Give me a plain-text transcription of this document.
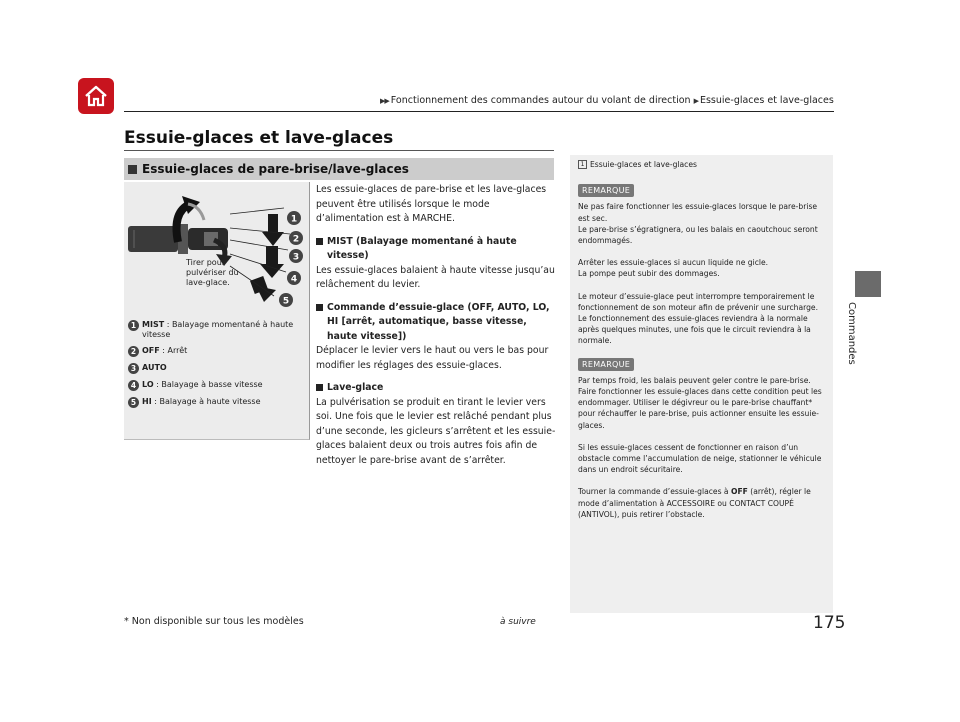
▶▶ Fonctionnement des commandes autour du volant de direction ▶ Essuie-glaces et lave-glaces
Commandes
Essuie-glaces et lave-glaces
Essuie-glaces de pare-brise/lave-glaces
1
2
3
4
5
Tirer pour pulvériser du lave-glace.
1 MIST : Balayage momentané à haute vitesse
2 OFF : Arrêt
3 AUTO
4 LO : Balayage à basse vitesse
5 HI : Balayage à haute vitesse

Les essuie-glaces de pare-brise et les lave-glaces peuvent être utilisés lorsque le mode d’alimentation est à MARCHE.

MIST (Balayage momentané à haute vitesse)

Les essuie-glaces balaient à haute vitesse jusqu’au relâchement du levier.

Commande d’essuie-glace (OFF, AUTO, LO, HI [arrêt, automatique, basse vitesse, haute vitesse])

Déplacer le levier vers le haut ou vers le bas pour modifier les réglages des essuie-glaces.

Lave-glace

La pulvérisation se produit en tirant le levier vers soi. Une fois que le levier est relâché pendant plus d’une seconde, les gicleurs s’arrêtent et les essuie-glaces balaient deux ou trois autres fois afin de nettoyer le pare-brise avant de s’arrêter.

1 Essuie-glaces et lave-glaces
REMARQUE

Ne pas faire fonctionner les essuie-glaces lorsque le pare-brise est sec.
Le pare-brise s’égratignera, ou les balais en caoutchouc seront endommagés.

Arrêter les essuie-glaces si aucun liquide ne gicle.
La pompe peut subir des dommages.

Le moteur d’essuie-glace peut interrompre temporairement le fonctionnement de son moteur afin de prévenir une surcharge. Le fonctionnement des essuie-glaces reviendra à la normale après quelques minutes, une fois que le circuit reviendra à la normale.

REMARQUE

Par temps froid, les balais peuvent geler contre le pare-brise. Faire fonctionner les essuie-glaces dans cette condition peut les endommager. Utiliser le dégivreur ou le pare-brise chauffant* pour réchauffer le pare-brise, puis actionner ensuite les essuie-glaces.

Si les essuie-glaces cessent de fonctionner en raison d’un obstacle comme l’accumulation de neige, stationner le véhicule dans un endroit sécuritaire.

Tourner la commande d’essuie-glaces à OFF (arrêt), régler le mode d’alimentation à ACCESSOIRE ou CONTACT COUPÉ (ANTIVOL), puis retirer l’obstacle.

* Non disponible sur tous les modèles	à suivre	175
